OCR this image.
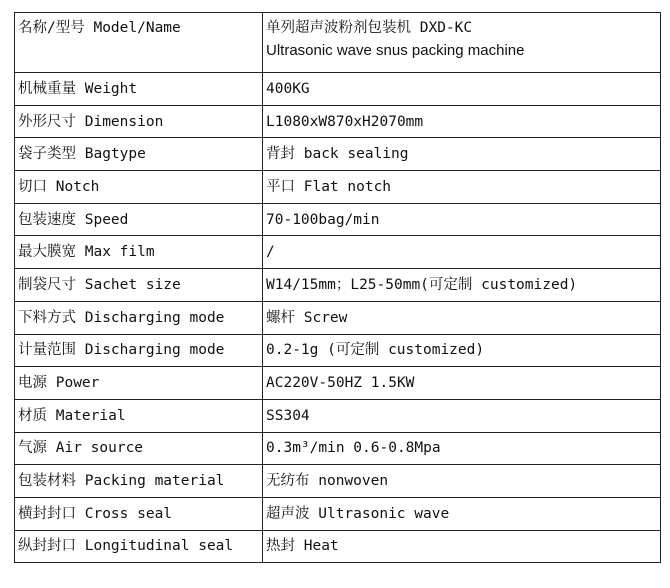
名称/型号 Model/Name	单列超声波粉剂包装机 DXD-KC
Ultrasonic wave snus packing machine

机械重量 Weight	400KG
外形尺寸 Dimension	L1080xW870xH2070mm
袋子类型 Bagtype	背封 back sealing
切口 Notch	平口 Flat notch
包装速度 Speed	70-100bag/min
最大膜宽 Max film	/
制袋尺寸 Sachet size	W14/15mm；L25-50mm(可定制 customized)
下料方式 Discharging mode	螺杆 Screw
计量范围 Discharging mode	0.2-1g (可定制 customized)
电源 Power	AC220V-50HZ 1.5KW
材质 Material	SS304
气源 Air source	0.3m³/min 0.6-0.8Mpa
包装材料 Packing material	无纺布 nonwoven
横封封口 Cross seal	超声波 Ultrasonic wave
纵封封口 Longitudinal seal	热封 Heat
